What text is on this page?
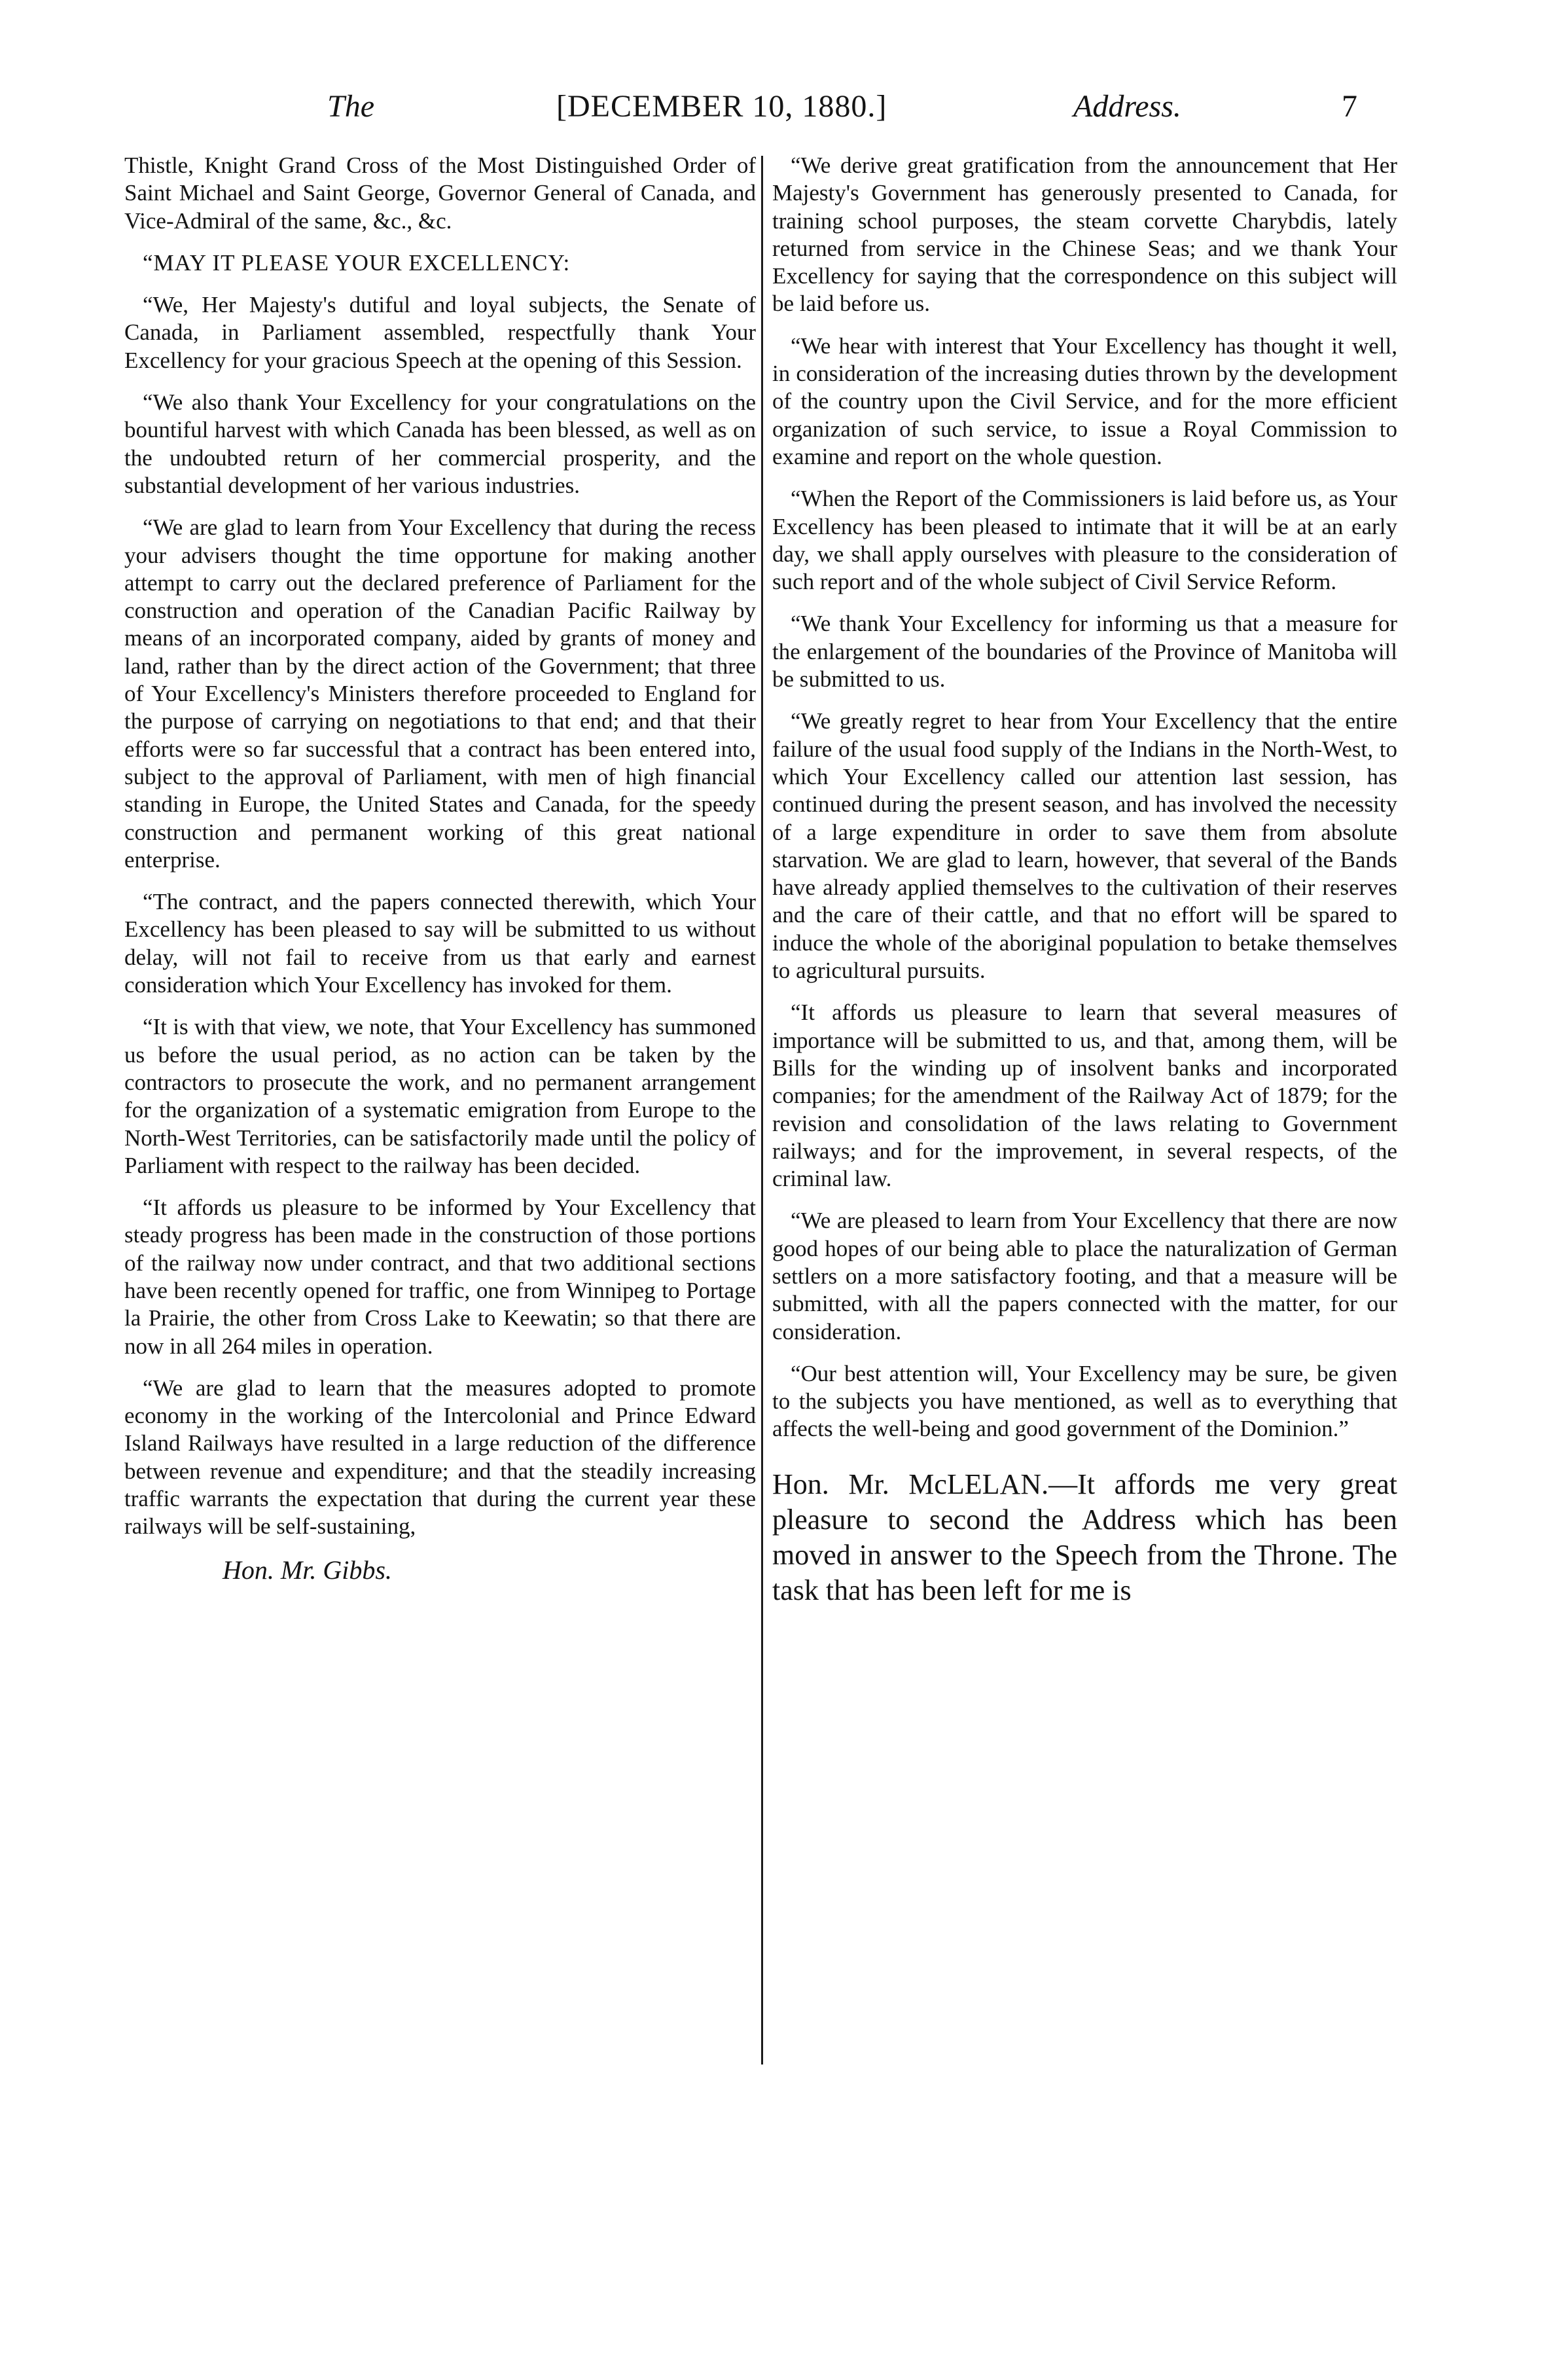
The	[DECEMBER 10, 1880.]	Address.	7

Thistle, Knight Grand Cross of the Most Distinguished Order of Saint Michael and Saint George, Governor General of Canada, and Vice-Admiral of the same, &c., &c.

“MAY IT PLEASE YOUR EXCELLENCY:

“We, Her Majesty's dutiful and loyal subjects, the Senate of Canada, in Parliament assembled, respectfully thank Your Excellency for your gracious Speech at the opening of this Session.

“We also thank Your Excellency for your congratulations on the bountiful harvest with which Canada has been blessed, as well as on the undoubted return of her commercial prosperity, and the substantial development of her various industries.

“We are glad to learn from Your Excellency that during the recess your advisers thought the time opportune for making another attempt to carry out the declared preference of Parliament for the construction and operation of the Canadian Pacific Railway by means of an incorporated company, aided by grants of money and land, rather than by the direct action of the Government; that three of Your Excellency's Ministers therefore proceeded to England for the purpose of carrying on negotiations to that end; and that their efforts were so far successful that a contract has been entered into, subject to the approval of Parliament, with men of high financial standing in Europe, the United States and Canada, for the speedy construction and permanent working of this great national enterprise.

“The contract, and the papers connected therewith, which Your Excellency has been pleased to say will be submitted to us without delay, will not fail to receive from us that early and earnest consideration which Your Excellency has invoked for them.

“It is with that view, we note, that Your Excellency has summoned us before the usual period, as no action can be taken by the contractors to prosecute the work, and no permanent arrangement for the organization of a systematic emigration from Europe to the North-West Territories, can be satisfactorily made until the policy of Parliament with respect to the railway has been decided.

“It affords us pleasure to be informed by Your Excellency that steady progress has been made in the construction of those portions of the railway now under contract, and that two additional sections have been recently opened for traffic, one from Winnipeg to Portage la Prairie, the other from Cross Lake to Keewatin; so that there are now in all 264 miles in operation.

“We are glad to learn that the measures adopted to promote economy in the working of the Intercolonial and Prince Edward Island Railways have resulted in a large reduction of the difference between revenue and expenditure; and that the steadily increasing traffic warrants the expectation that during the current year these railways will be self-sustaining,

Hon. Mr. Gibbs.

“We derive great gratification from the announcement that Her Majesty's Government has generously presented to Canada, for training school purposes, the steam corvette Charybdis, lately returned from service in the Chinese Seas; and we thank Your Excellency for saying that the correspondence on this subject will be laid before us.

“We hear with interest that Your Excellency has thought it well, in consideration of the increasing duties thrown by the development of the country upon the Civil Service, and for the more efficient organization of such service, to issue a Royal Commission to examine and report on the whole question.

“When the Report of the Commissioners is laid before us, as Your Excellency has been pleased to intimate that it will be at an early day, we shall apply ourselves with pleasure to the consideration of such report and of the whole subject of Civil Service Reform.

“We thank Your Excellency for informing us that a measure for the enlargement of the boundaries of the Province of Manitoba will be submitted to us.

“We greatly regret to hear from Your Excellency that the entire failure of the usual food supply of the Indians in the North-West, to which Your Excellency called our attention last session, has continued during the present season, and has involved the necessity of a large expenditure in order to save them from absolute starvation. We are glad to learn, however, that several of the Bands have already applied themselves to the cultivation of their reserves and the care of their cattle, and that no effort will be spared to induce the whole of the aboriginal population to betake themselves to agricultural pursuits.

“It affords us pleasure to learn that several measures of importance will be submitted to us, and that, among them, will be Bills for the winding up of insolvent banks and incorporated companies; for the amendment of the Railway Act of 1879; for the revision and consolidation of the laws relating to Government railways; and for the improvement, in several respects, of the criminal law.

“We are pleased to learn from Your Excellency that there are now good hopes of our being able to place the naturalization of German settlers on a more satisfactory footing, and that a measure will be submitted, with all the papers connected with the matter, for our consideration.

“Our best attention will, Your Excellency may be sure, be given to the subjects you have mentioned, as well as to everything that affects the well-being and good government of the Dominion.”

Hon. Mr. McLELAN.—It affords me very great pleasure to second the Address which has been moved in answer to the Speech from the Throne. The task that has been left for me is
